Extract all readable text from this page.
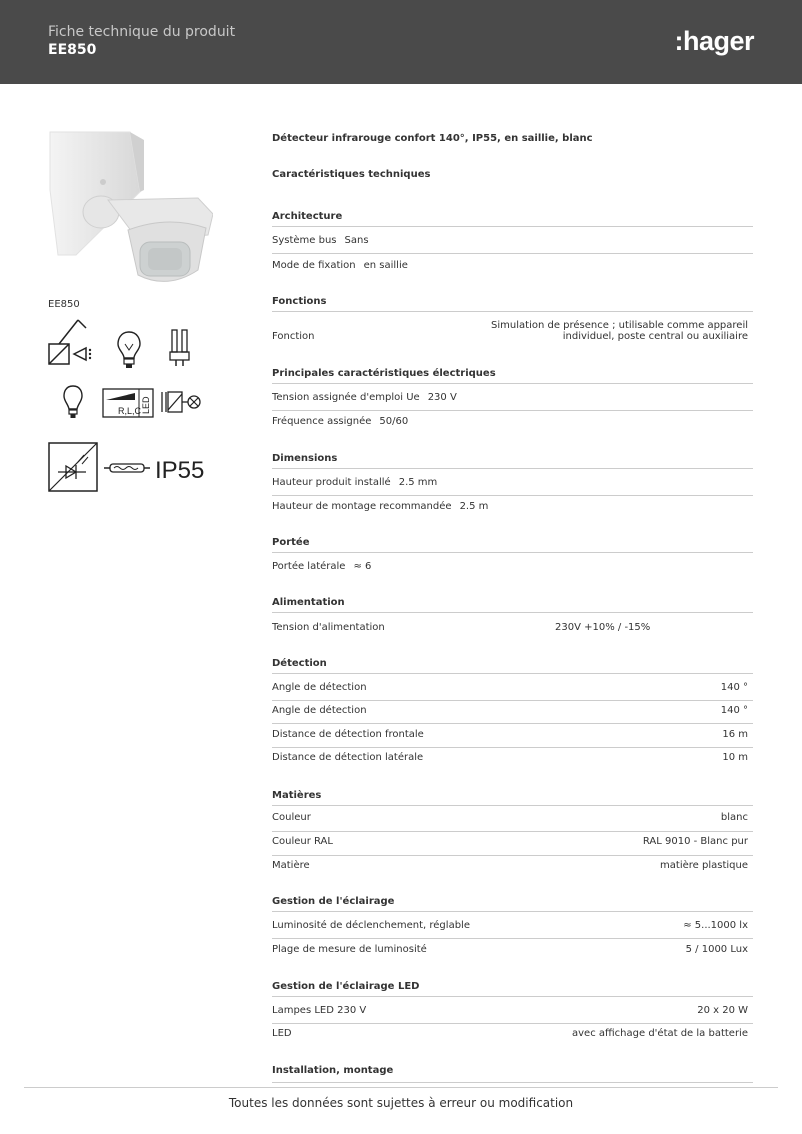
Fiche technique du produit
EE850	:hager
EE850
R,L,C LED
IP55
Détecteur infrarouge confort 140°, IP55, en saillie, blanc
Caractéristiques techniques
Architecture
Système bus Sans
Mode de fixation en saillie
Fonctions
Fonction
Simulation de présence ; utilisable comme appareil
individuel, poste central ou auxiliaire
Principales caractéristiques électriques
Tension assignée d'emploi Ue 230 V
Fréquence assignée 50/60
Dimensions
Hauteur produit installé 2.5 mm
Hauteur de montage recommandée 2.5 m
Portée
Portée latérale ≈ 6
Alimentation
Tension d'alimentation	230V +10% / -15%
Détection
Angle de détection	140 °
Angle de détection	140 °
Distance de détection frontale	16 m
Distance de détection latérale	10 m
Matières
Couleur	blanc
Couleur RAL	RAL 9010 - Blanc pur
Matière	matière plastique
Gestion de l'éclairage
Luminosité de déclenchement, réglable	≈ 5...1000 lx
Plage de mesure de luminosité	5 / 1000 Lux
Gestion de l'éclairage LED
Lampes LED 230 V	20 x 20 W
LED	avec affichage d'état de la batterie
Installation, montage
Toutes les données sont sujettes à erreur ou modification
